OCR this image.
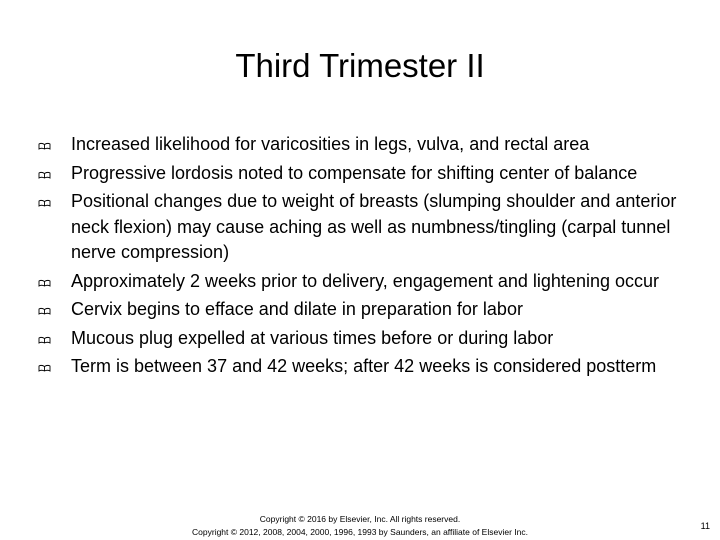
Third Trimester II
Increased likelihood for varicosities in legs, vulva, and rectal area
Progressive lordosis noted to compensate for shifting center of balance
Positional changes due to weight of breasts (slumping shoulder and anterior neck flexion) may cause aching as well as numbness/tingling (carpal tunnel nerve compression)
Approximately 2 weeks prior to delivery, engagement and lightening occur
Cervix begins to efface and dilate in preparation for labor
Mucous plug expelled at various times before or during labor
Term is between 37 and 42 weeks; after 42 weeks is considered postterm
Copyright © 2016 by Elsevier, Inc. All rights reserved.
Copyright © 2012, 2008, 2004, 2000, 1996, 1993 by Saunders, an affiliate of Elsevier Inc.
11
